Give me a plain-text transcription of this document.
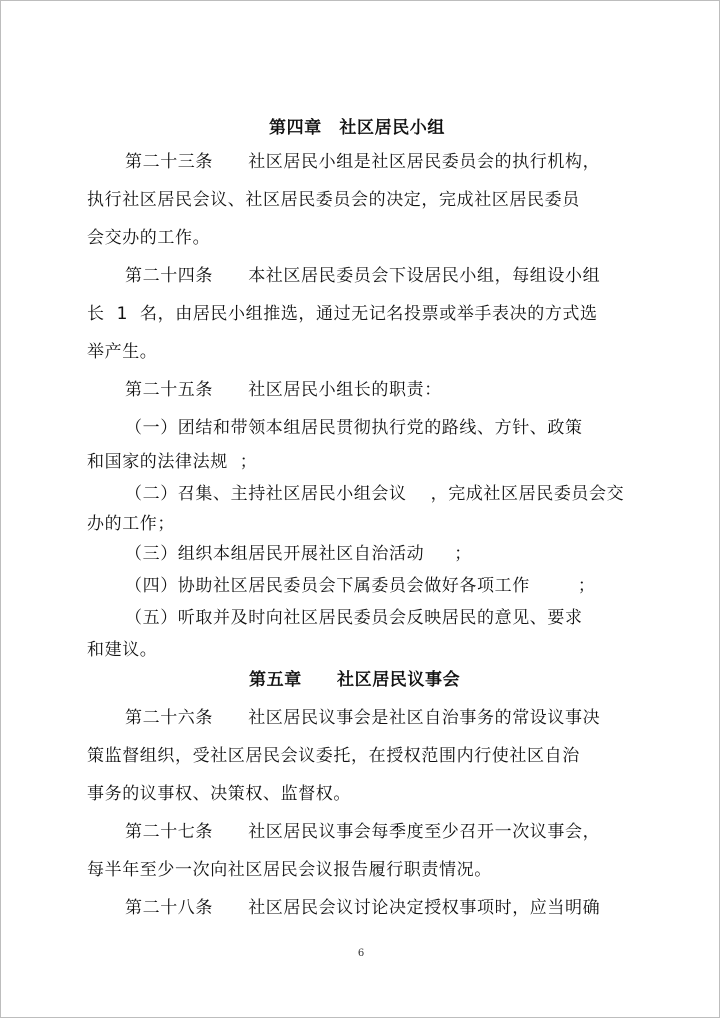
第四章　社区居民小组
第二十三条　　社区居民小组是社区居民委员会的执行机构，
执行社区居民会议、社区居民委员会的决定，完成社区居民委员
会交办的工作。
第二十四条　　本社区居民委员会下设居民小组，每组设小组
长  1  名，由居民小组推选，通过无记名投票或举手表决的方式选
举产生。
第二十五条　　社区居民小组长的职责：
（一）团结和带领本组居民贯彻执行党的路线、方针、政策
和国家的法律法规  ；
（二）召集、主持社区居民小组会议    ，完成社区居民委员会交
办的工作；
（三）组织本组居民开展社区自治活动     ；
（四）协助社区居民委员会下属委员会做好各项工作        ；
（五）听取并及时向社区居民委员会反映居民的意见、要求
和建议。
第五章　　社区居民议事会
第二十六条　　社区居民议事会是社区自治事务的常设议事决
策监督组织，受社区居民会议委托，在授权范围内行使社区自治
事务的议事权、决策权、监督权。
第二十七条　　社区居民议事会每季度至少召开一次议事会，
每半年至少一次向社区居民会议报告履行职责情况。
第二十八条　　社区居民会议讨论决定授权事项时，应当明确
6
